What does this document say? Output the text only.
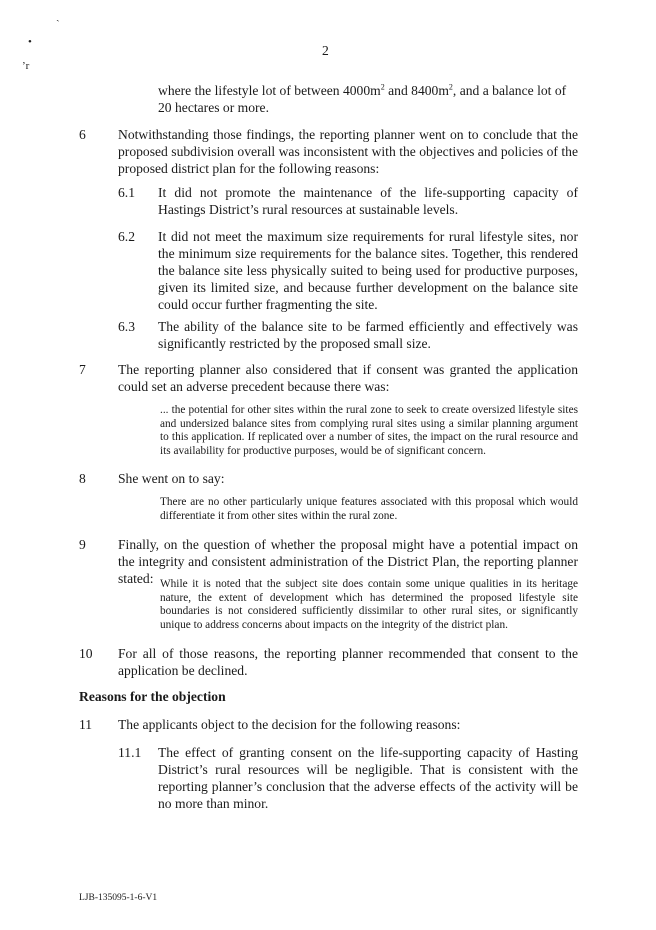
ˎ
•
’r
2
where the lifestyle lot of between $4000m^2$ and $8400m^2$, and a balance lot of 20 hectares or more.
6 Notwithstanding those findings, the reporting planner went on to conclude that the proposed subdivision overall was inconsistent with the objectives and policies of the proposed district plan for the following reasons:
6.1 It did not promote the maintenance of the life-supporting capacity of Hastings District’s rural resources at sustainable levels.
6.2 It did not meet the maximum size requirements for rural lifestyle sites, nor the minimum size requirements for the balance sites. Together, this rendered the balance site less physically suited to being used for productive purposes, given its limited size, and because further development on the balance site could occur further fragmenting the site.
6.3 The ability of the balance site to be farmed efficiently and effectively was significantly restricted by the proposed small size.
7 The reporting planner also considered that if consent was granted the application could set an adverse precedent because there was:
... the potential for other sites within the rural zone to seek to create oversized lifestyle sites and undersized balance sites from complying rural sites using a similar planning argument to this application. If replicated over a number of sites, the impact on the rural resource and its availability for productive purposes, would be of significant concern.
8 She went on to say:
There are no other particularly unique features associated with this proposal which would differentiate it from other sites within the rural zone.
9 Finally, on the question of whether the proposal might have a potential impact on the integrity and consistent administration of the District Plan, the reporting planner stated: While it is noted that the subject site does contain some unique qualities in its heritage nature, the extent of development which has determined the proposed lifestyle site boundaries is not considered sufficiently dissimilar to other rural sites, or significantly unique to address concerns about impacts on the integrity of the district plan.
10 For all of those reasons, the reporting planner recommended that consent to the application be declined.
Reasons for the objection
11 The applicants object to the decision for the following reasons:
11.1 The effect of granting consent on the life-supporting capacity of Hasting District’s rural resources will be negligible. That is consistent with the reporting planner’s conclusion that the adverse effects of the activity will be no more than minor.
LJB-135095-1-6-V1
